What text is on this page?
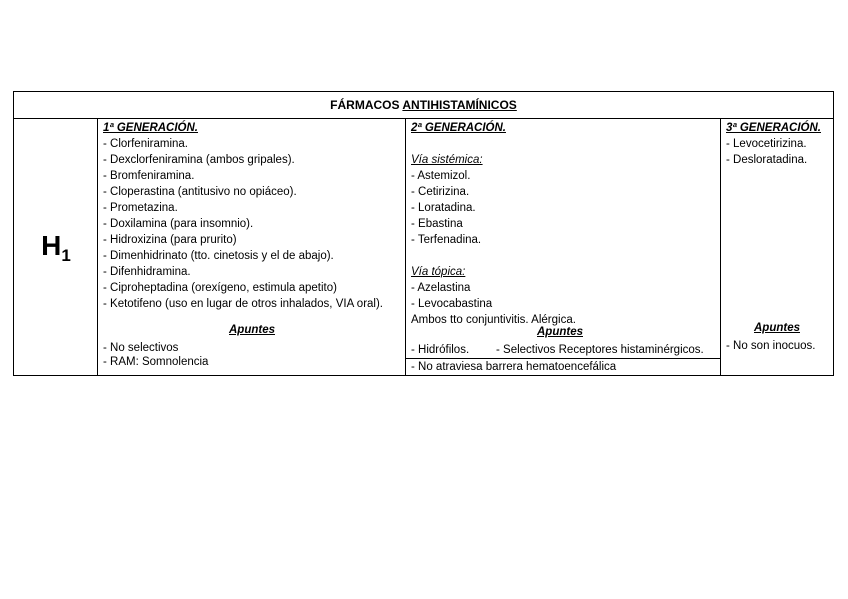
FÁRMACOS ANTIHISTAMÍNICOS
$H_1$
1ª GENERACIÓN.
- Clorfeniramina.
- Dexclorfeniramina (ambos gripales).
- Bromfeniramina.
- Cloperastina (antitusivo no opiáceo).
- Prometazina.
- Doxilamina (para insomnio).
- Hidroxizina (para prurito)
- Dimenhidrinato (tto. cinetosis y el de abajo).
- Difenhidramina.
- Ciproheptadina (orexígeno, estimula apetito)
- Ketotifeno (uso en lugar de otros inhalados, VIA oral).
Apuntes
- No selectivos
- RAM: Somnolencia
2ª GENERACIÓN.
Vía sistémica:
- Astemizol.
- Cetirizina.
- Loratadina.
- Ebastina
- Terfenadina.
Vía tópica:
- Azelastina
- Levocabastina
Ambos tto conjuntivitis. Alérgica.
Apuntes
- Hidrófilos. - Selectivos Receptores histaminérgicos.
- No atraviesa barrera hematoencefálica
3ª GENERACIÓN.
- Levocetirizina.
- Desloratadina.
Apuntes
- No son inocuos.
